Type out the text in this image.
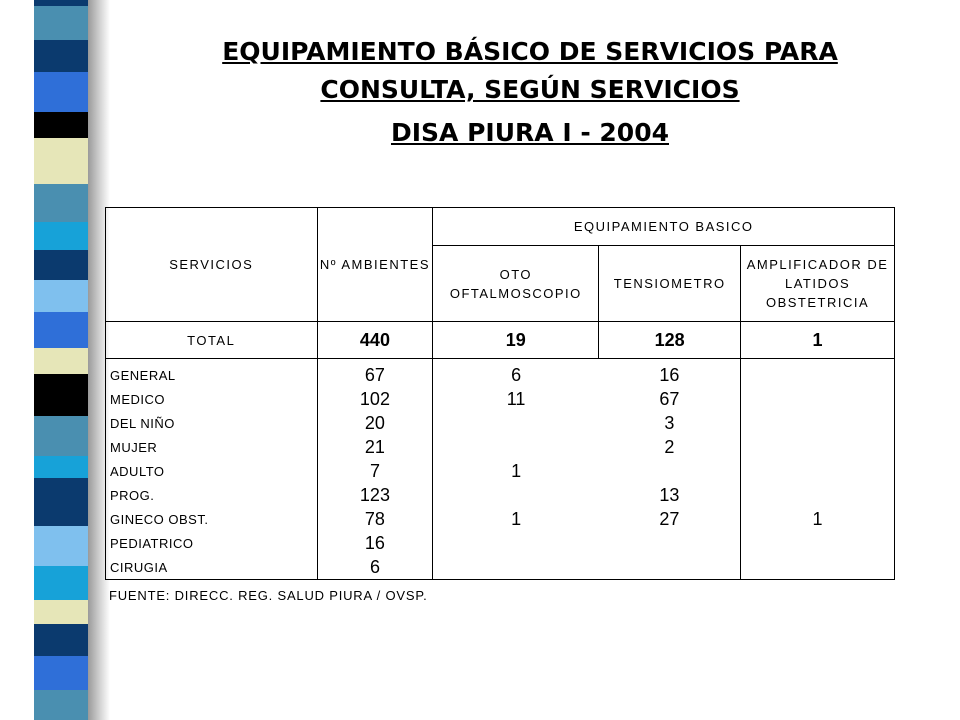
EQUIPAMIENTO BÁSICO DE SERVICIOS PARA
CONSULTA, SEGÚN SERVICIOS
DISA PIURA I - 2004
SERVICIOS	Nº AMBIENTES	EQUIPAMIENTO BASICO		
		OTO OFTALMOSCOPIO	TENSIOMETRO	AMPLIFICADOR DE LATIDOS OBSTETRICIA
TOTAL	440	19	128	1
GENERAL	67	6	16	
MEDICO	102	11	67	
DEL NIÑO	20		3	
MUJER	21		2	
ADULTO	7	1		
PROG.	123		13	
GINECO OBST.	78	1	27	1
PEDIATRICO	16			
CIRUGIA	6			
FUENTE: DIRECC. REG. SALUD PIURA / OVSP.
